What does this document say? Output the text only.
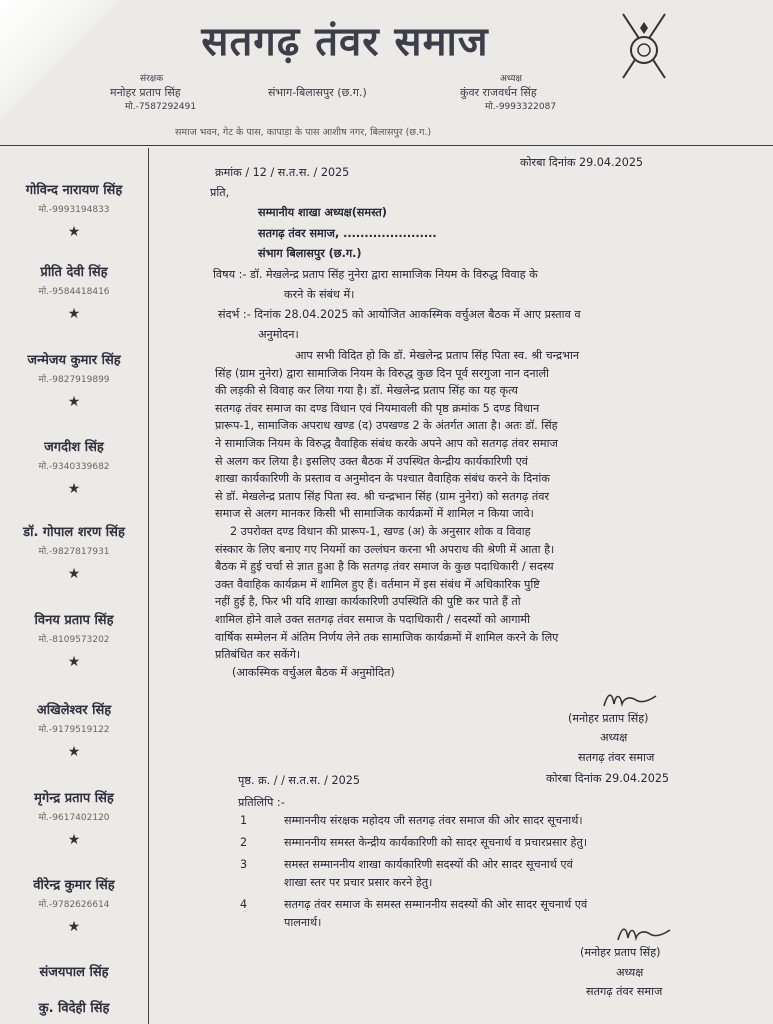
सतगढ़ तंवर समाज
संरक्षक
मनोहर प्रताप सिंह
मो.-7587292491
संभाग-बिलासपुर (छ.ग.)
अध्यक्ष
कुंवर राजवर्धन सिंह
मो.-9993322087
समाज भवन, गेट के पास, कापाड़ा के पास आशीष नगर, बिलासपुर (छ.ग.)
गोविन्द नारायण सिंह
मो.-9993194833
★
प्रीति देवी सिंह
मो.-9584418416
★
जन्मेजय कुमार सिंह
मो.-9827919899
★
जगदीश सिंह
मो.-9340339682
★
डॉ. गोपाल शरण सिंह
मो.-9827817931
★
विनय प्रताप सिंह
मो.-8109573202
★
अखिलेश्वर सिंह
मो.-9179519122
★
मृगेन्द्र प्रताप सिंह
मो.-9617402120
★
वीरेन्द्र कुमार सिंह
मो.-9782626614
★
संजयपाल सिंह
कु. विदेही सिंह
क्रमांक / 12 / स.त.स. / 2025
कोरबा दिनांक 29.04.2025
प्रति,
सम्मानीय शाखा अध्यक्ष(समस्त)
सतगढ़ तंवर समाज, ......................
संभाग बिलासपुर (छ.ग.)
विषय :- डॉ. मेखलेन्द्र प्रताप सिंह नुनेरा द्वारा सामाजिक नियम के विरुद्ध विवाह के
करने के संबंध में।
संदर्भ :- दिनांक 28.04.2025 को आयोजित आकस्मिक वर्चुअल बैठक में आए प्रस्ताव व
अनुमोदन।
आप सभी विदित हो कि डॉ. मेखलेन्द्र प्रताप सिंह पिता स्व. श्री चन्द्रभान
सिंह (ग्राम नुनेरा) द्वारा सामाजिक नियम के विरुद्ध कुछ दिन पूर्व सरगुजा नान दनाली
की लड़की से विवाह कर लिया गया है। डॉ. मेखलेन्द्र प्रताप सिंह का यह कृत्य
सतगढ़ तंवर समाज का दण्ड विधान एवं नियमावली की पृष्ठ क्रमांक 5 दण्ड विधान
प्रारूप-1, सामाजिक अपराध खण्ड (द) उपखण्ड 2 के अंतर्गत आता है। अतः डॉ. सिंह
ने सामाजिक नियम के विरुद्ध वैवाहिक संबंध करके अपने आप को सतगढ़ तंवर समाज
से अलग कर लिया है। इसलिए उक्त बैठक में उपस्थित केन्द्रीय कार्यकारिणी एवं
शाखा कार्यकारिणी के प्रस्ताव व अनुमोदन के पश्चात वैवाहिक संबंध करने के दिनांक
से डॉ. मेखलेन्द्र प्रताप सिंह पिता स्व. श्री चन्द्रभान सिंह (ग्राम नुनेरा) को सतगढ़ तंवर
समाज से अलग मानकर किसी भी सामाजिक कार्यक्रमों में शामिल न किया जावे।
2 उपरोक्त दण्ड विधान की प्रारूप-1, खण्ड (अ) के अनुसार शोक व विवाह
संस्कार के लिए बनाए गए नियमों का उल्लंघन करना भी अपराध की श्रेणी में आता है।
बैठक में हुई चर्चा से ज्ञात हुआ है कि सतगढ़ तंवर समाज के कुछ पदाधिकारी / सदस्य
उक्त वैवाहिक कार्यक्रम में शामिल हुए हैं। वर्तमान में इस संबंध में अधिकारिक पुष्टि
नहीं हुई है, फिर भी यदि शाखा कार्यकारिणी उपस्थिति की पुष्टि कर पाते हैं तो
शामिल होने वाले उक्त सतगढ़ तंवर समाज के पदाधिकारी / सदस्यों को आगामी
वार्षिक सम्मेलन में अंतिम निर्णय लेने तक सामाजिक कार्यक्रमों में शामिल करने के लिए
प्रतिबंधित कर सकेंगे।
(आकस्मिक वर्चुअल बैठक में अनुमोदित)
(मनोहर प्रताप सिंह)
अध्यक्ष
सतगढ़ तंवर समाज
पृष्ठ. क्र. / / स.त.स. / 2025	कोरबा दिनांक 29.04.2025
प्रतिलिपि :-
1	सम्माननीय संरक्षक महोदय जी सतगढ़ तंवर समाज की ओर सादर सूचनार्थ।
2	सम्माननीय समस्त केन्द्रीय कार्यकारिणी को सादर सूचनार्थ व प्रचारप्रसार हेतु।
3	समस्त सम्माननीय शाखा कार्यकारिणी सदस्यों की ओर सादर सूचनार्थ एवं
शाखा स्तर पर प्रचार प्रसार करने हेतु।
4	सतगढ़ तंवर समाज के समस्त सम्माननीय सदस्यों की ओर सादर सूचनार्थ एवं
पालनार्थ।
(मनोहर प्रताप सिंह)
अध्यक्ष
सतगढ़ तंवर समाज
